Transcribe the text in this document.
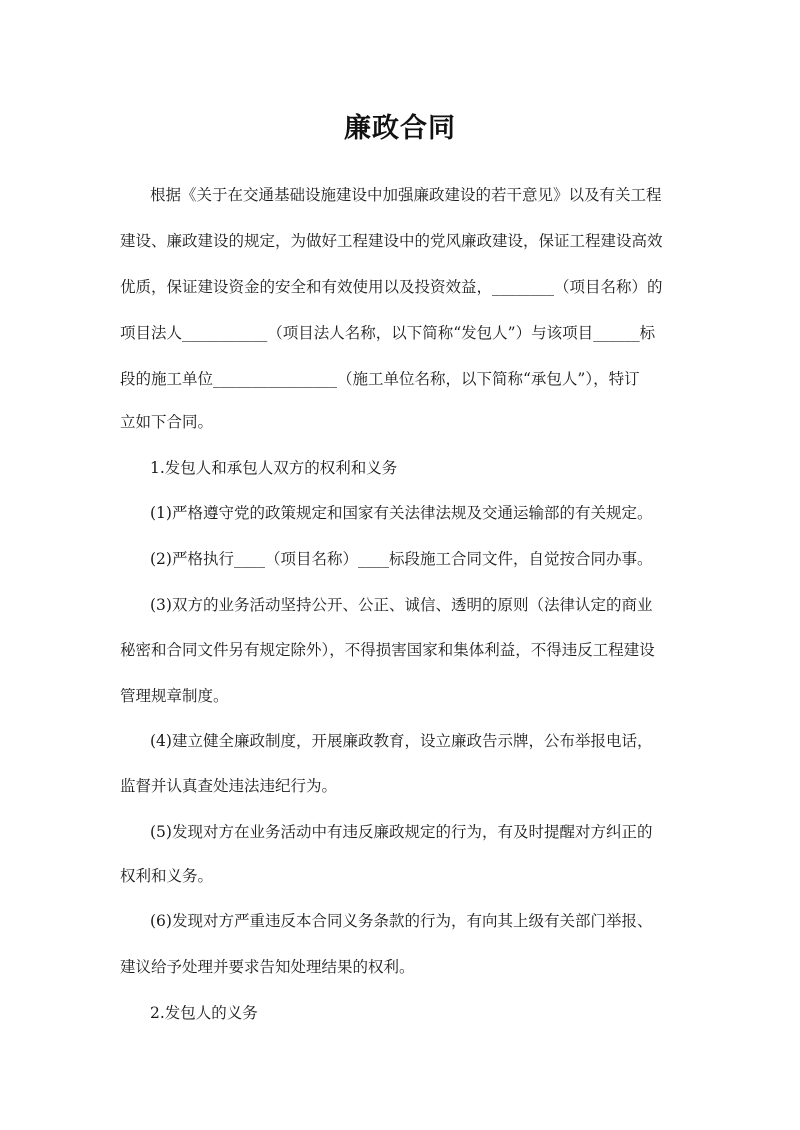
廉政合同
根据《关于在交通基础设施建设中加强廉政建设的若干意见》以及有关工程
建设、廉政建设的规定，为做好工程建设中的党风廉政建设，保证工程建设高效
优质，保证建设资金的安全和有效使用以及投资效益，________（项目名称）的
项目法人___________（项目法人名称，以下简称“发包人”）与该项目______标
段的施工单位________________（施工单位名称，以下简称“承包人”），特订
立如下合同。
1.发包人和承包人双方的权利和义务
(1)严格遵守党的政策规定和国家有关法律法规及交通运输部的有关规定。
(2)严格执行____（项目名称）____标段施工合同文件，自觉按合同办事。
(3)双方的业务活动坚持公开、公正、诚信、透明的原则（法律认定的商业
秘密和合同文件另有规定除外），不得损害国家和集体利益，不得违反工程建设
管理规章制度。
(4)建立健全廉政制度，开展廉政教育，设立廉政告示牌，公布举报电话，
监督并认真查处违法违纪行为。
(5)发现对方在业务活动中有违反廉政规定的行为，有及时提醒对方纠正的
权利和义务。
(6)发现对方严重违反本合同义务条款的行为，有向其上级有关部门举报、
建议给予处理并要求告知处理结果的权利。
2.发包人的义务
